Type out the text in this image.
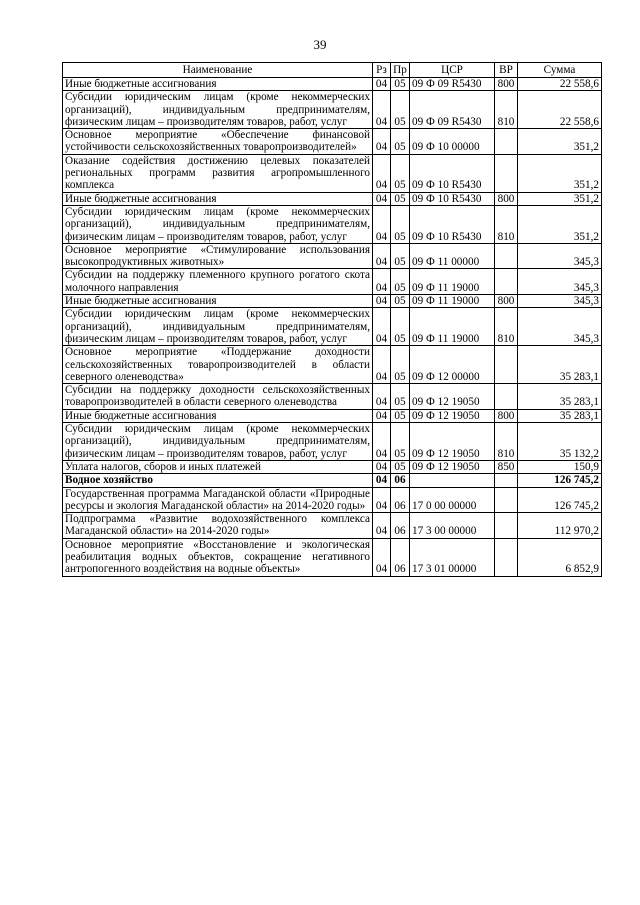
39
Наименование	Рз	Пр	ЦСР	ВР	Сумма
Иные бюджетные ассигнования	04	05	09 Ф 09 R5430	800	22 558,6
Субсидии юридическим лицам (кроме некоммерческих организаций), индивидуальным предпринимателям, физическим лицам – производителям товаров, работ, услуг	04	05	09 Ф 09 R5430	810	22 558,6
Основное мероприятие «Обеспечение финансовой устойчивости сельскохозяйственных товаропроизводителей»	04	05	09 Ф 10 00000		351,2
Оказание содействия достижению целевых показателей региональных программ развития агропромышленного комплекса	04	05	09 Ф 10 R5430		351,2
Иные бюджетные ассигнования	04	05	09 Ф 10 R5430	800	351,2
Субсидии юридическим лицам (кроме некоммерческих организаций), индивидуальным предпринимателям, физическим лицам – производителям товаров, работ, услуг	04	05	09 Ф 10 R5430	810	351,2
Основное мероприятие «Стимулирование использования высокопродуктивных животных»	04	05	09 Ф 11 00000		345,3
Субсидии на поддержку племенного крупного рогатого скота молочного направления	04	05	09 Ф 11 19000		345,3
Иные бюджетные ассигнования	04	05	09 Ф 11 19000	800	345,3
Субсидии юридическим лицам (кроме некоммерческих организаций), индивидуальным предпринимателям, физическим лицам – производителям товаров, работ, услуг	04	05	09 Ф 11 19000	810	345,3
Основное мероприятие «Поддержание доходности сельскохозяйственных товаропроизводителей в области северного оленеводства»	04	05	09 Ф 12 00000		35 283,1
Субсидии на поддержку доходности сельскохозяйственных товаропроизводителей в области северного оленеводства	04	05	09 Ф 12 19050		35 283,1
Иные бюджетные ассигнования	04	05	09 Ф 12 19050	800	35 283,1
Субсидии юридическим лицам (кроме некоммерческих организаций), индивидуальным предпринимателям, физическим лицам – производителям товаров, работ, услуг	04	05	09 Ф 12 19050	810	35 132,2
Уплата налогов, сборов и иных платежей	04	05	09 Ф 12 19050	850	150,9
Водное хозяйство	04	06			126 745,2
Государственная программа Магаданской области «Природные ресурсы и экология Магаданской области» на 2014-2020 годы»	04	06	17 0 00 00000		126 745,2
Подпрограмма «Развитие водохозяйственного комплекса Магаданской области» на 2014-2020 годы»	04	06	17 3 00 00000		112 970,2
Основное мероприятие «Восстановление и экологическая реабилитация водных объектов, сокращение негативного антропогенного воздействия на водные объекты»	04	06	17 3 01 00000		6 852,9
